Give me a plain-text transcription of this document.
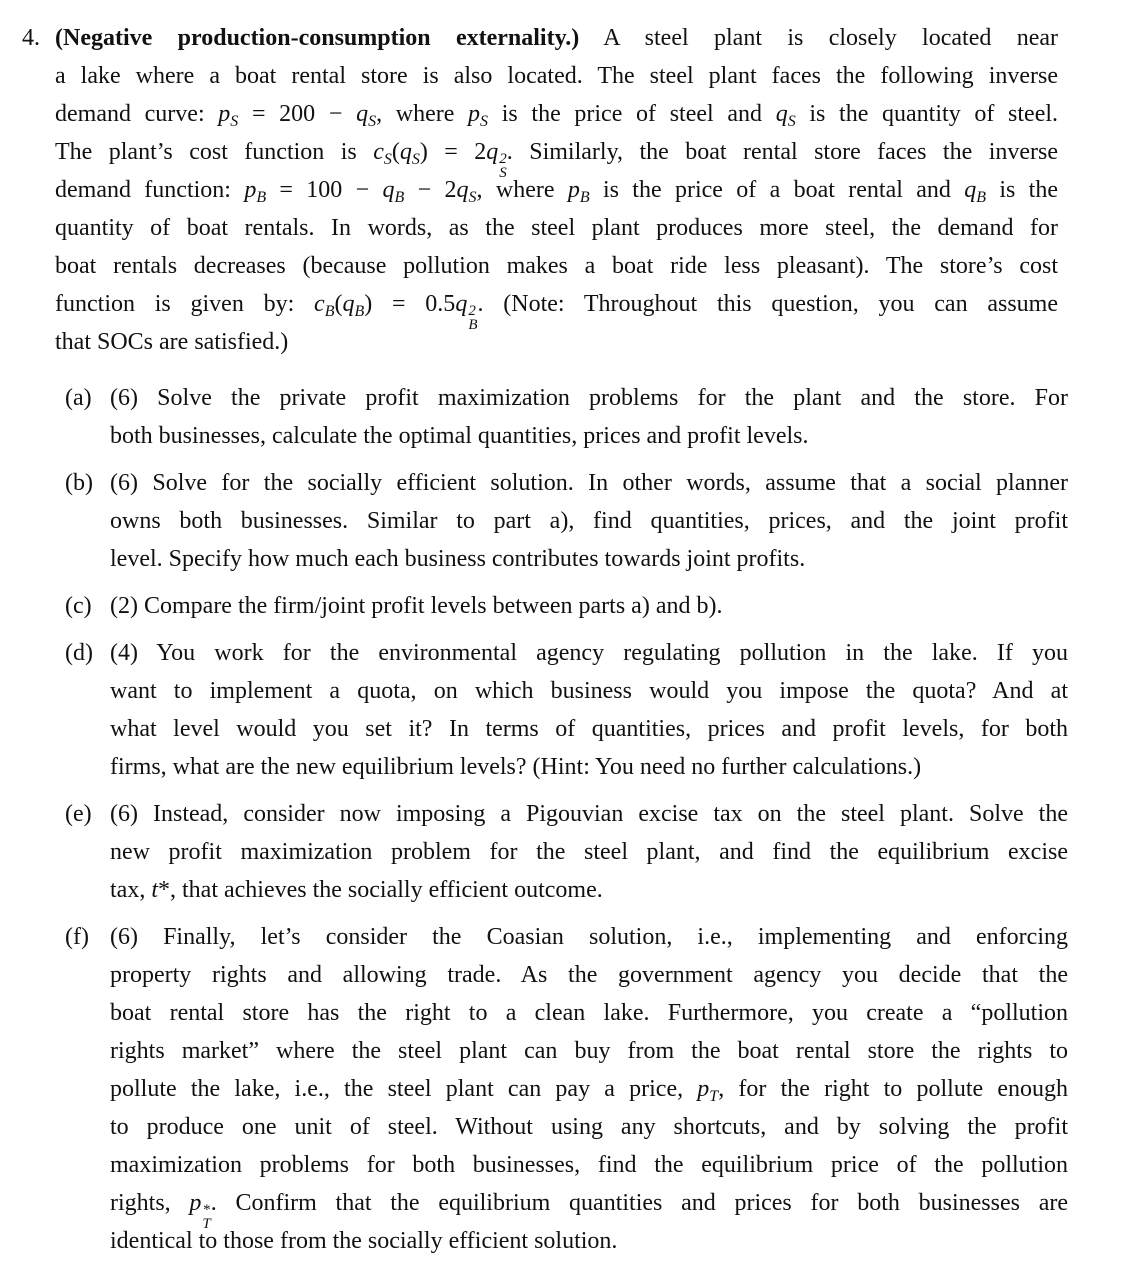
4. (Negative production-consumption externality.) A steel plant is closely located near
a lake where a boat rental store is also located. The steel plant faces the following inverse
demand curve: $p_S = 200 - q_S$, where $p_S$ is the price of steel and $q_S$ is the quantity of steel.
The plant’s cost function is $c_S(q_S) = 2q$ 2
S
. Similarly, the boat rental store faces the inverse
demand function: $p_B = 100 - q_B - 2q_S$, where $p_B$ is the price of a boat rental and $q_B$ is the
quantity of boat rentals. In words, as the steel plant produces more steel, the demand for
boat rentals decreases (because pollution makes a boat ride less pleasant). The store’s cost
function is given by: $c_B(q_B) = 0.5q$ 2
B
. (Note: Throughout this question, you can assume
that SOCs are satisfied.)
(a) (6) Solve the private profit maximization problems for the plant and the store. For
both businesses, calculate the optimal quantities, prices and profit levels.
(b) (6) Solve for the socially efficient solution. In other words, assume that a social planner
owns both businesses. Similar to part a), find quantities, prices, and the joint profit
level. Specify how much each business contributes towards joint profits.
(c) (2) Compare the firm/joint profit levels between parts a) and b).
(d) (4) You work for the environmental agency regulating pollution in the lake. If you
want to implement a quota, on which business would you impose the quota? And at
what level would you set it? In terms of quantities, prices and profit levels, for both
firms, what are the new equilibrium levels? (Hint: You need no further calculations.)
(e) (6) Instead, consider now imposing a Pigouvian excise tax on the steel plant. Solve the
new profit maximization problem for the steel plant, and find the equilibrium excise
tax, t*, that achieves the socially efficient outcome.
(f) (6) Finally, let’s consider the Coasian solution, i.e., implementing and enforcing
property rights and allowing trade. As the government agency you decide that the
boat rental store has the right to a clean lake. Furthermore, you create a “pollution
rights market” where the steel plant can buy from the boat rental store the rights to
pollute the lake, i.e., the steel plant can pay a price, $p_T$, for the right to pollute enough
to produce one unit of steel. Without using any shortcuts, and by solving the profit
maximization problems for both businesses, find the equilibrium price of the pollution
rights, p *
T
. Confirm that the equilibrium quantities and prices for both businesses are
identical to those from the socially efficient solution.
